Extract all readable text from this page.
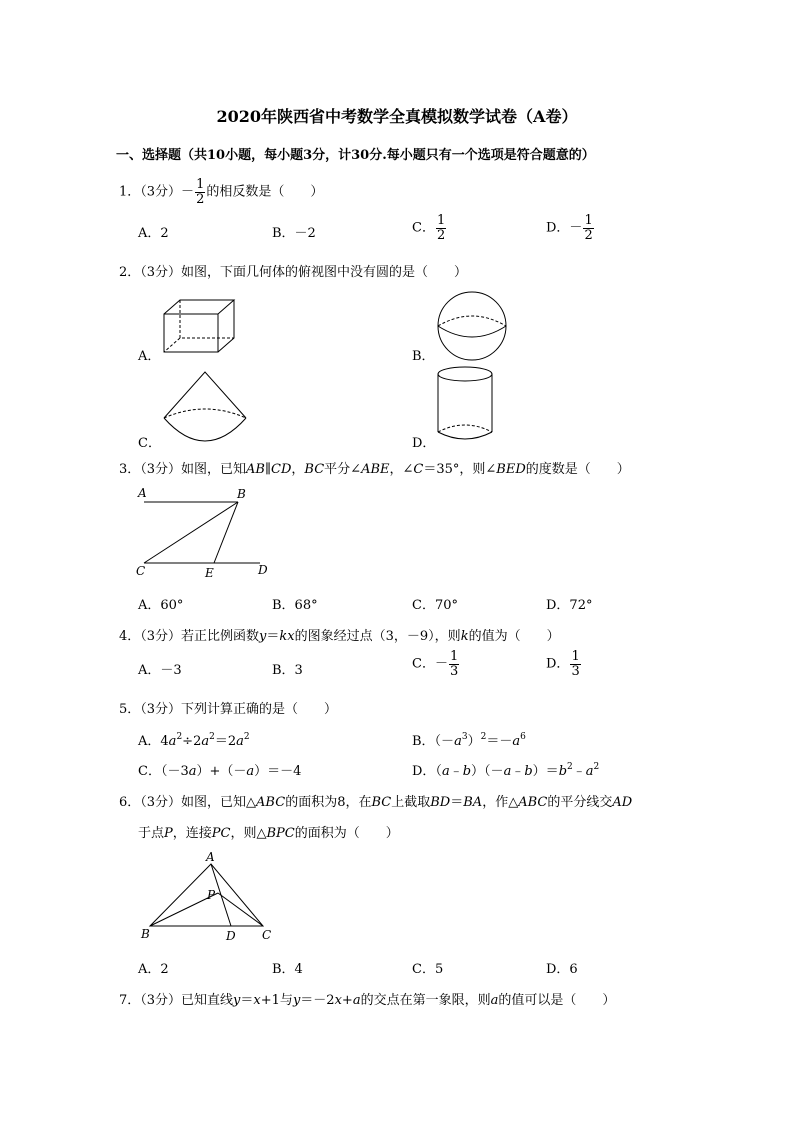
2020年陕西省中考数学全真模拟数学试卷（A卷）
一、选择题（共10小题，每小题3分，计30分.每小题只有一个选项是符合题意的）
1．（3分）－ $\frac{1}{2}$ 的相反数是（　　）
A．2	B．－2	C． $\frac{1}{2}$	D．－ $\frac{1}{2}$
2．（3分）如图，下面几何体的俯视图中没有圆的是（　　）
A．	B．
C．	D．
3．（3分）如图，已知AB∥CD，BC平分∠ABE，∠C＝35°，则∠BED的度数是（　　）
A	B
C	E	D
A．60°	B．68°	C．70°	D．72°
4．（3分）若正比例函数y＝kx的图象经过点（3，－9），则k的值为（　　）
A．－3	B．3	C．－ $\frac{1}{3}$	D． $\frac{1}{3}$
5．（3分）下列计算正确的是（　　）
A．$4a^2\div 2a^2=2a^2$	B．$(-a^3)^2=-a^6$
C．（－3a）+（－a）＝－4	D．$(a﹣b)(-a﹣b)=b^2﹣a^2$
6．（3分）如图，已知△ABC的面积为8，在BC上截取BD＝BA，作△ABC的平分线交AD
于点P，连接PC，则△BPC的面积为（　　）
A
P
B	D C
A．2	B．4	C．5	D．6
7．（3分）已知直线y＝x+1与y＝－2x+a的交点在第一象限，则a的值可以是（　　）
